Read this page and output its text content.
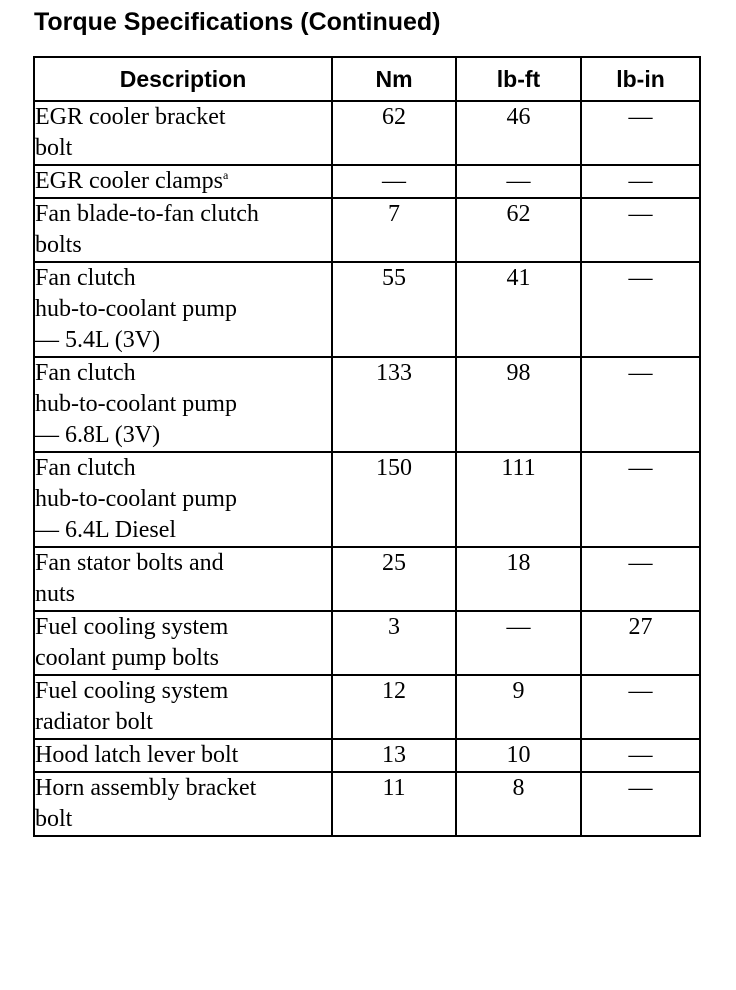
Torque Specifications (Continued)
Description	Nm	lb-ft	lb-in

EGR cooler bracket
bolt	62	46	—

EGR cooler clamps$^a$	—	—	—

Fan blade-to-fan clutch
bolts	7	62	—

Fan clutch
hub-to-coolant pump
— 5.4L (3V)	55	41	—

Fan clutch
hub-to-coolant pump
— 6.8L (3V)	133	98	—

Fan clutch
hub-to-coolant pump
— 6.4L Diesel	150	111	—

Fan stator bolts and
nuts	25	18	—

Fuel cooling system
coolant pump bolts	3	—	27

Fuel cooling system
radiator bolt	12	9	—

Hood latch lever bolt	13	10	—

Horn assembly bracket
bolt	11	8	—
